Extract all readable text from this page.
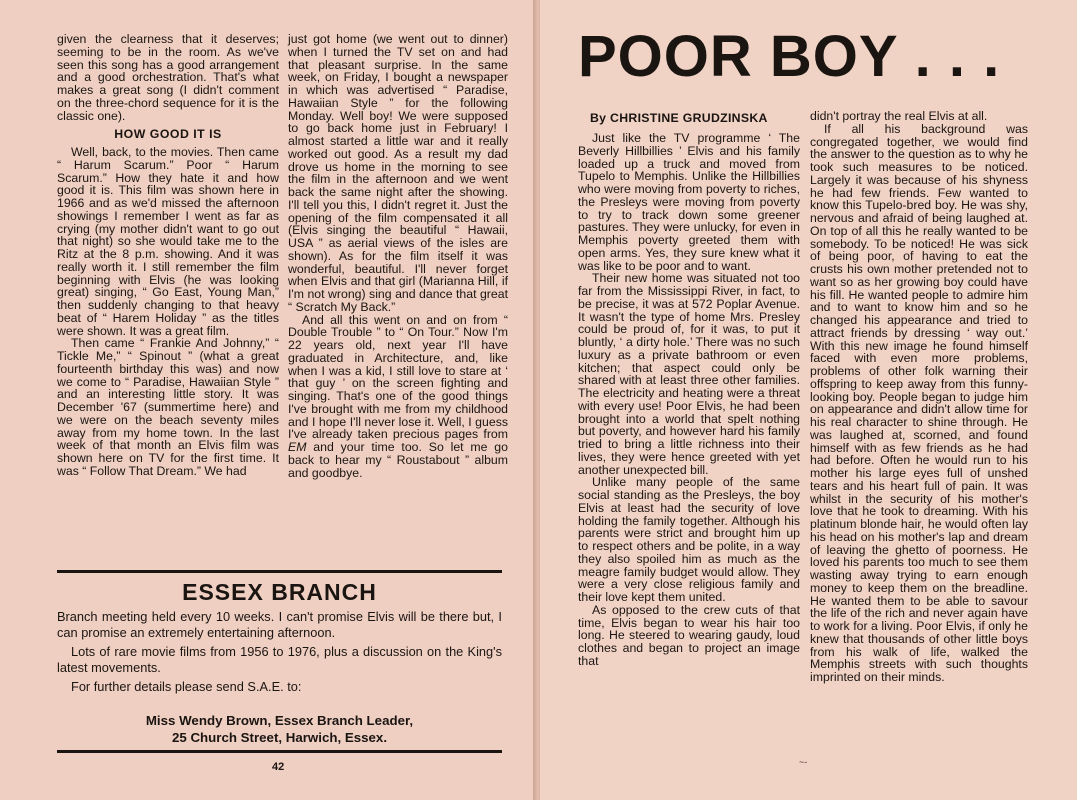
given the clearness that it deserves; seeming to be in the room. As we've seen this song has a good arrangement and a good orchestration. That's what makes a great song (I didn't comment on the three-chord sequence for it is the classic one).

HOW GOOD IT IS

Well, back, to the movies. Then came “ Harum Scarum.” Poor “ Harum Scarum.” How they hate it and how good it is. This film was shown here in 1966 and as we'd missed the afternoon showings I remember I went as far as crying (my mother didn't want to go out that night) so she would take me to the Ritz at the 8 p.m. showing. And it was really worth it. I still remember the film beginning with Elvis (he was looking great) singing, “ Go East, Young Man,” then suddenly changing to that heavy beat of “ Harem Holiday ” as the titles were shown. It was a great film.

Then came “ Frankie And Johnny,” “ Tickle Me,” “ Spinout ” (what a great fourteenth birthday this was) and now we come to “ Paradise, Hawaiian Style ” and an interesting little story. It was December '67 (summertime here) and we were on the beach seventy miles away from my home town. In the last week of that month an Elvis film was shown here on TV for the first time. It was “ Follow That Dream.” We had

just got home (we went out to dinner) when I turned the TV set on and had that pleasant surprise. In the same week, on Friday, I bought a newspaper in which was advertised “ Paradise, Hawaiian Style ” for the following Monday. Well boy! We were supposed to go back home just in February! I almost started a little war and it really worked out good. As a result my dad drove us home in the morning to see the film in the afternoon and we went back the same night after the showing. I'll tell you this, I didn't regret it. Just the opening of the film compensated it all (Elvis singing the beautiful “ Hawaii, USA ” as aerial views of the isles are shown). As for the film itself it was wonderful, beautiful. I'll never forget when Elvis and that girl (Marianna Hill, if I'm not wrong) sing and dance that great “ Scratch My Back.”

And all this went on and on from “ Double Trouble ” to “ On Tour.” Now I'm 22 years old, next year I'll have graduated in Architecture, and, like when I was a kid, I still love to stare at ‘ that guy ’ on the screen fighting and singing. That's one of the good things I've brought with me from my childhood and I hope I'll never lose it. Well, I guess I've already taken precious pages from EM and your time too. So let me go back to hear my “ Roustabout ” album and goodbye.

ESSEX BRANCH

Branch meeting held every 10 weeks. I can't promise Elvis will be there but, I can promise an extremely entertaining afternoon.

Lots of rare movie films from 1956 to 1976, plus a discussion on the King's latest movements.

For further details please send S.A.E. to:

Miss Wendy Brown, Essex Branch Leader,
25 Church Street, Harwich, Essex.
42
POOR BOY . . .
By CHRISTINE GRUDZINSKA

Just like the TV programme ‘ The Beverly Hillbillies ’ Elvis and his family loaded up a truck and moved from Tupelo to Memphis. Unlike the Hillbillies who were moving from poverty to riches, the Presleys were moving from poverty to try to track down some greener pastures. They were unlucky, for even in Memphis poverty greeted them with open arms. Yes, they sure knew what it was like to be poor and to want.

Their new home was situated not too far from the Mississippi River, in fact, to be precise, it was at 572 Poplar Avenue. It wasn't the type of home Mrs. Presley could be proud of, for it was, to put it bluntly, ‘ a dirty hole.’ There was no such luxury as a private bathroom or even kitchen; that aspect could only be shared with at least three other families. The electricity and heating were a threat with every use! Poor Elvis, he had been brought into a world that spelt nothing but poverty, and however hard his family tried to bring a little richness into their lives, they were hence greeted with yet another unexpected bill.

Unlike many people of the same social standing as the Presleys, the boy Elvis at least had the security of love holding the family together. Although his parents were strict and brought him up to respect others and be polite, in a way they also spoiled him as much as the meagre family budget would allow. They were a very close religious family and their love kept them united.

As opposed to the crew cuts of that time, Elvis began to wear his hair too long. He steered to wearing gaudy, loud clothes and began to project an image that

didn't portray the real Elvis at all.

If all his background was congregated together, we would find the answer to the question as to why he took such measures to be noticed. Largely it was because of his shyness he had few friends. Few wanted to know this Tupelo-bred boy. He was shy, nervous and afraid of being laughed at. On top of all this he really wanted to be somebody. To be noticed! He was sick of being poor, of having to eat the crusts his own mother pretended not to want so as her growing boy could have his fill. He wanted people to admire him and to want to know him and so he changed his appearance and tried to attract friends by dressing ‘ way out.’ With this new image he found himself faced with even more problems, problems of other folk warning their offspring to keep away from this funny-looking boy. People began to judge him on appearance and didn't allow time for his real character to shine through. He was laughed at, scorned, and found himself with as few friends as he had had before. Often he would run to his mother his large eyes full of unshed tears and his heart full of pain. It was whilst in the security of his mother's love that he took to dreaming. With his platinum blonde hair, he would often lay his head on his mother's lap and dream of leaving the ghetto of poorness. He loved his parents too much to see them wasting away trying to earn enough money to keep them on the breadline. He wanted them to be able to savour the life of the rich and never again have to work for a living. Poor Elvis, if only he knew that thousands of other little boys from his walk of life, walked the Memphis streets with such thoughts imprinted on their minds.

~-
